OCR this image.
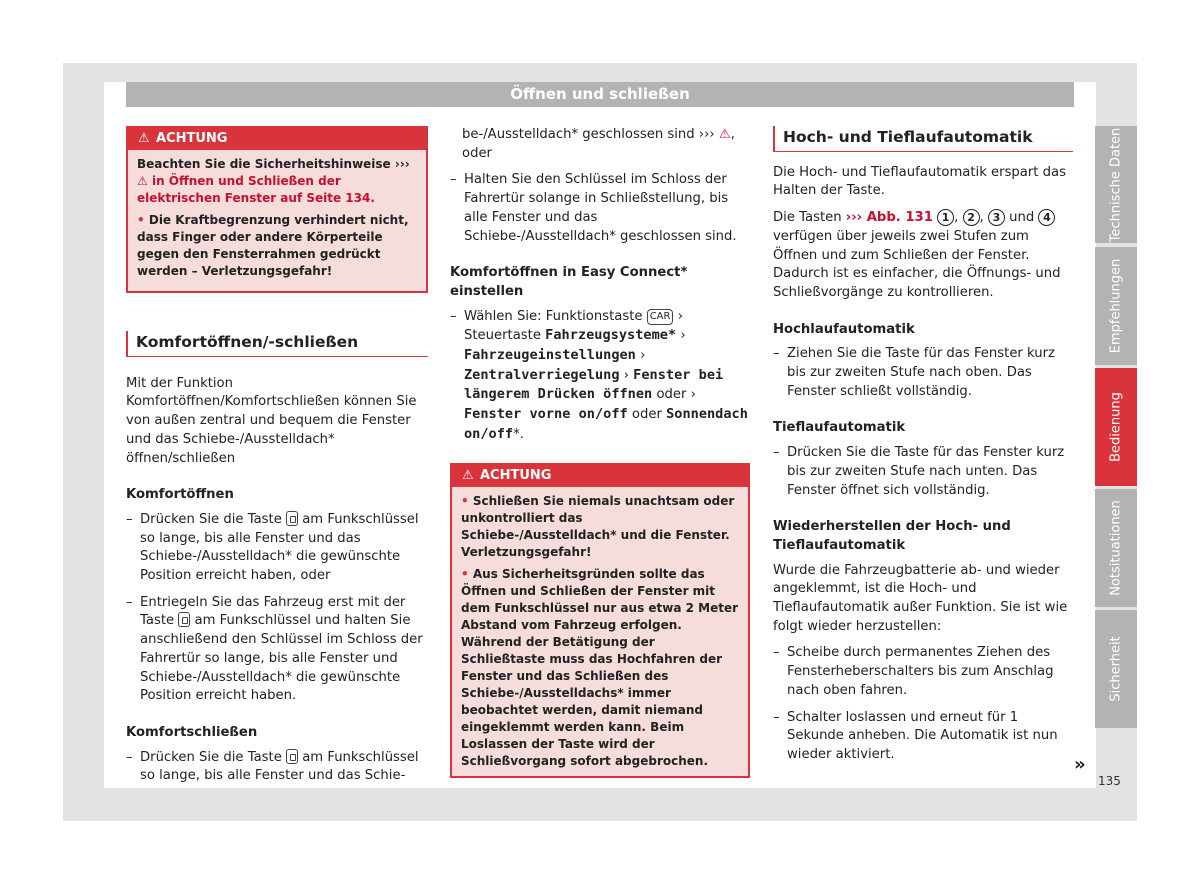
Öffnen und schließen
⚠ ACHTUNG

Beachten Sie die Sicherheitshinweise ››› ⚠ in Öffnen und Schließen der elektrischen Fenster auf Seite 134.

• Die Kraftbegrenzung verhindert nicht, dass Finger oder andere Körperteile gegen den Fensterrahmen gedrückt werden – Verletzungsgefahr!

Komfortöffnen/-schließen

Mit der Funktion Komfortöffnen/Komfortschließen können Sie von außen zentral und bequem die Fenster und das Schiebe-/Ausstelldach* öffnen/schließen

Komfortöffnen
– Drücken Sie die Taste am Funkschlüssel so lange, bis alle Fenster und das Schiebe-/Ausstelldach* die gewünschte Position erreicht haben, oder
– Entriegeln Sie das Fahrzeug erst mit der Taste am Funkschlüssel und halten Sie anschließend den Schlüssel im Schloss der Fahrertür so lange, bis alle Fenster und Schiebe-/Ausstelldach* die gewünschte Position erreicht haben.
Komfortschließen
– Drücken Sie die Taste am Funkschlüssel so lange, bis alle Fenster und das Schie-

be-/Ausstelldach* geschlossen sind ››› ⚠, oder

– Halten Sie den Schlüssel im Schloss der Fahrertür solange in Schließstellung, bis alle Fenster und das Schiebe-/Ausstelldach* geschlossen sind.
Komfortöffnen in Easy Connect* einstellen
– Wählen Sie: Funktionstaste CAR › Steuertaste Fahrzeugsysteme* › Fahrzeugeinstellungen › Zentralverriegelung › Fenster bei längerem Drücken öffnen oder › Fenster vorne on/off oder Sonnendach on/off*.
⚠ ACHTUNG

• Schließen Sie niemals unachtsam oder unkontrolliert das Schiebe-/Ausstelldach* und die Fenster. Verletzungsgefahr!

• Aus Sicherheitsgründen sollte das Öffnen und Schließen der Fenster mit dem Funkschlüssel nur aus etwa 2 Meter Abstand vom Fahrzeug erfolgen. Während der Betätigung der Schließtaste muss das Hochfahren der Fenster und das Schließen des Schiebe-/Ausstelldachs* immer beobachtet werden, damit niemand eingeklemmt werden kann. Beim Loslassen der Taste wird der Schließvorgang sofort abgebrochen.

Hoch- und Tieflaufautomatik

Die Hoch- und Tieflaufautomatik erspart das Halten der Taste.

Die Tasten ››› Abb. 131 1 , 2 , 3 und 4 verfügen über jeweils zwei Stufen zum Öffnen und zum Schließen der Fenster. Dadurch ist es einfacher, die Öffnungs- und Schließvorgänge zu kontrollieren.

Hochlaufautomatik
– Ziehen Sie die Taste für das Fenster kurz bis zur zweiten Stufe nach oben. Das Fenster schließt vollständig.
Tieflaufautomatik
– Drücken Sie die Taste für das Fenster kurz bis zur zweiten Stufe nach unten. Das Fenster öffnet sich vollständig.
Wiederherstellen der Hoch- und Tieflaufautomatik

Wurde die Fahrzeugbatterie ab- und wieder angeklemmt, ist die Hoch- und Tieflaufautomatik außer Funktion. Sie ist wie folgt wieder herzustellen:

– Scheibe durch permanentes Ziehen des Fensterheberschalters bis zum Anschlag nach oben fahren.
– Schalter loslassen und erneut für 1 Sekunde anheben. Die Automatik ist nun wieder aktiviert.
Technische Daten
Empfehlungen
Bedienung
Notsituationen
Sicherheit
»
135
